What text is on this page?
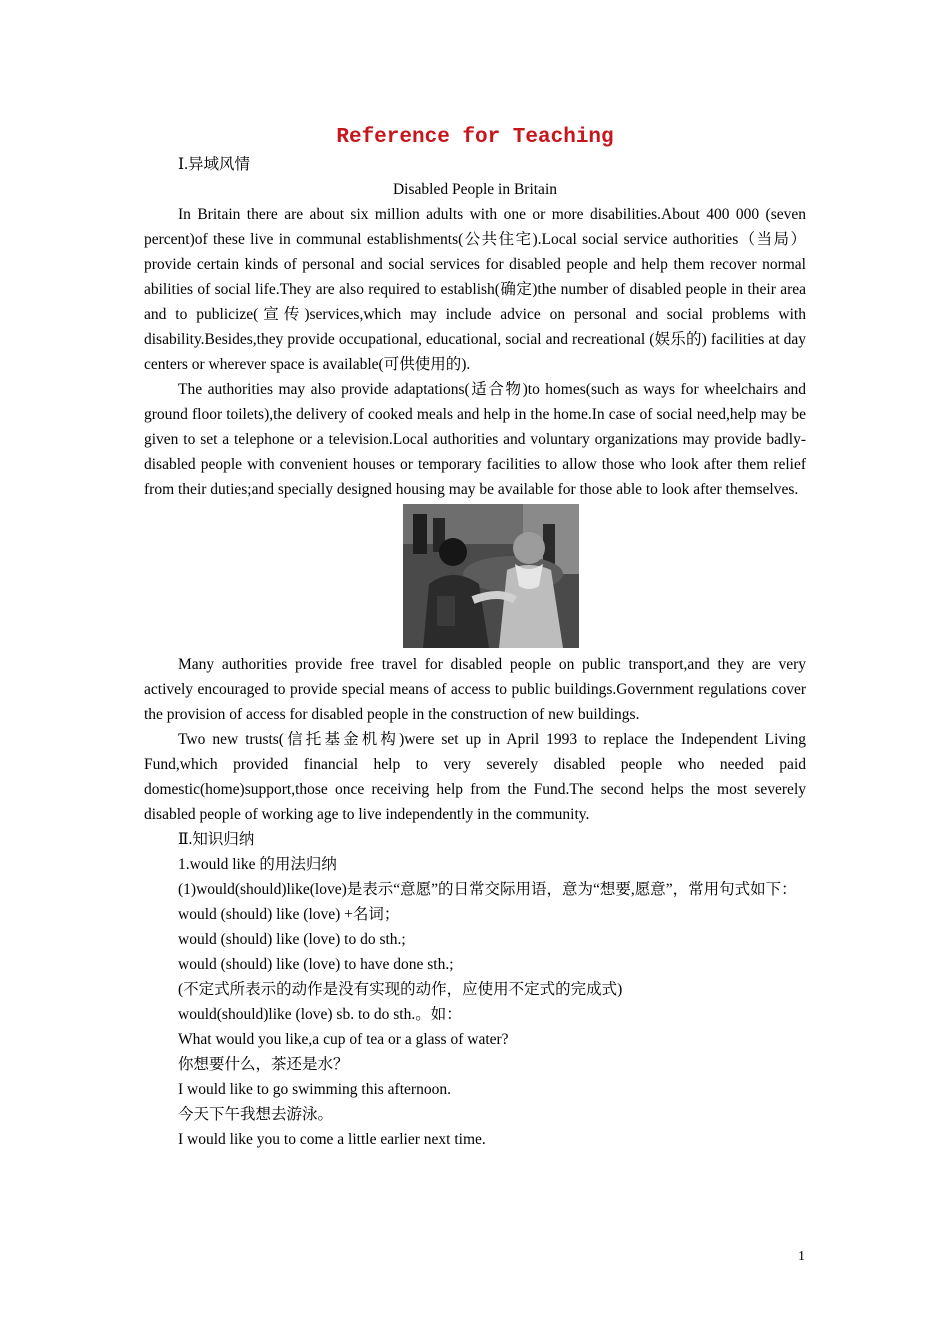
Reference for Teaching

Ⅰ.异域风情

Disabled People in Britain

In Britain there are about six million adults with one or more disabilities.About 400 000 (seven percent)of these live in communal establishments(公共住宅).Local social service authorities（当局）provide certain kinds of personal and social services for disabled people and help them recover normal abilities of social life.They are also required to establish(确定)the number of disabled people in their area and to publicize(宣传)services,which may include advice on personal and social problems with disability.Besides,they provide occupational, educational, social and recreational (娱乐的) facilities at day centers or wherever space is available(可供使用的).

The authorities may also provide adaptations(适合物)to homes(such as ways for wheelchairs and ground floor toilets),the delivery of cooked meals and help in the home.In case of social need,help may be given to set a telephone or a television.Local authorities and voluntary organizations may provide badly-disabled people with convenient houses or temporary facilities to allow those who look after them relief from their duties;and specially designed housing may be available for those able to look after themselves.

Many authorities provide free travel for disabled people on public transport,and they are very actively encouraged to provide special means of access to public buildings.Government regulations cover the provision of access for disabled people in the construction of new buildings.

Two new trusts(信托基金机构)were set up in April 1993 to replace the Independent Living Fund,which provided financial help to very severely disabled people who needed paid domestic(home)support,those once receiving help from the Fund.The second helps the most severely disabled people of working age to live independently in the community.

Ⅱ.知识归纳

1.would like 的用法归纳

(1)would(should)like(love)是表示“意愿”的日常交际用语，意为“想要,愿意”，常用句式如下：

would (should) like (love) +名词；

would (should) like (love) to do sth.;

would (should) like (love) to have done sth.;

(不定式所表示的动作是没有实现的动作，应使用不定式的完成式)

would(should)like (love) sb. to do sth.。如：

What would you like,a cup of tea or a glass of water?

你想要什么，茶还是水？

I would like to go swimming this afternoon.

今天下午我想去游泳。

I would like you to come a little earlier next time.

1
